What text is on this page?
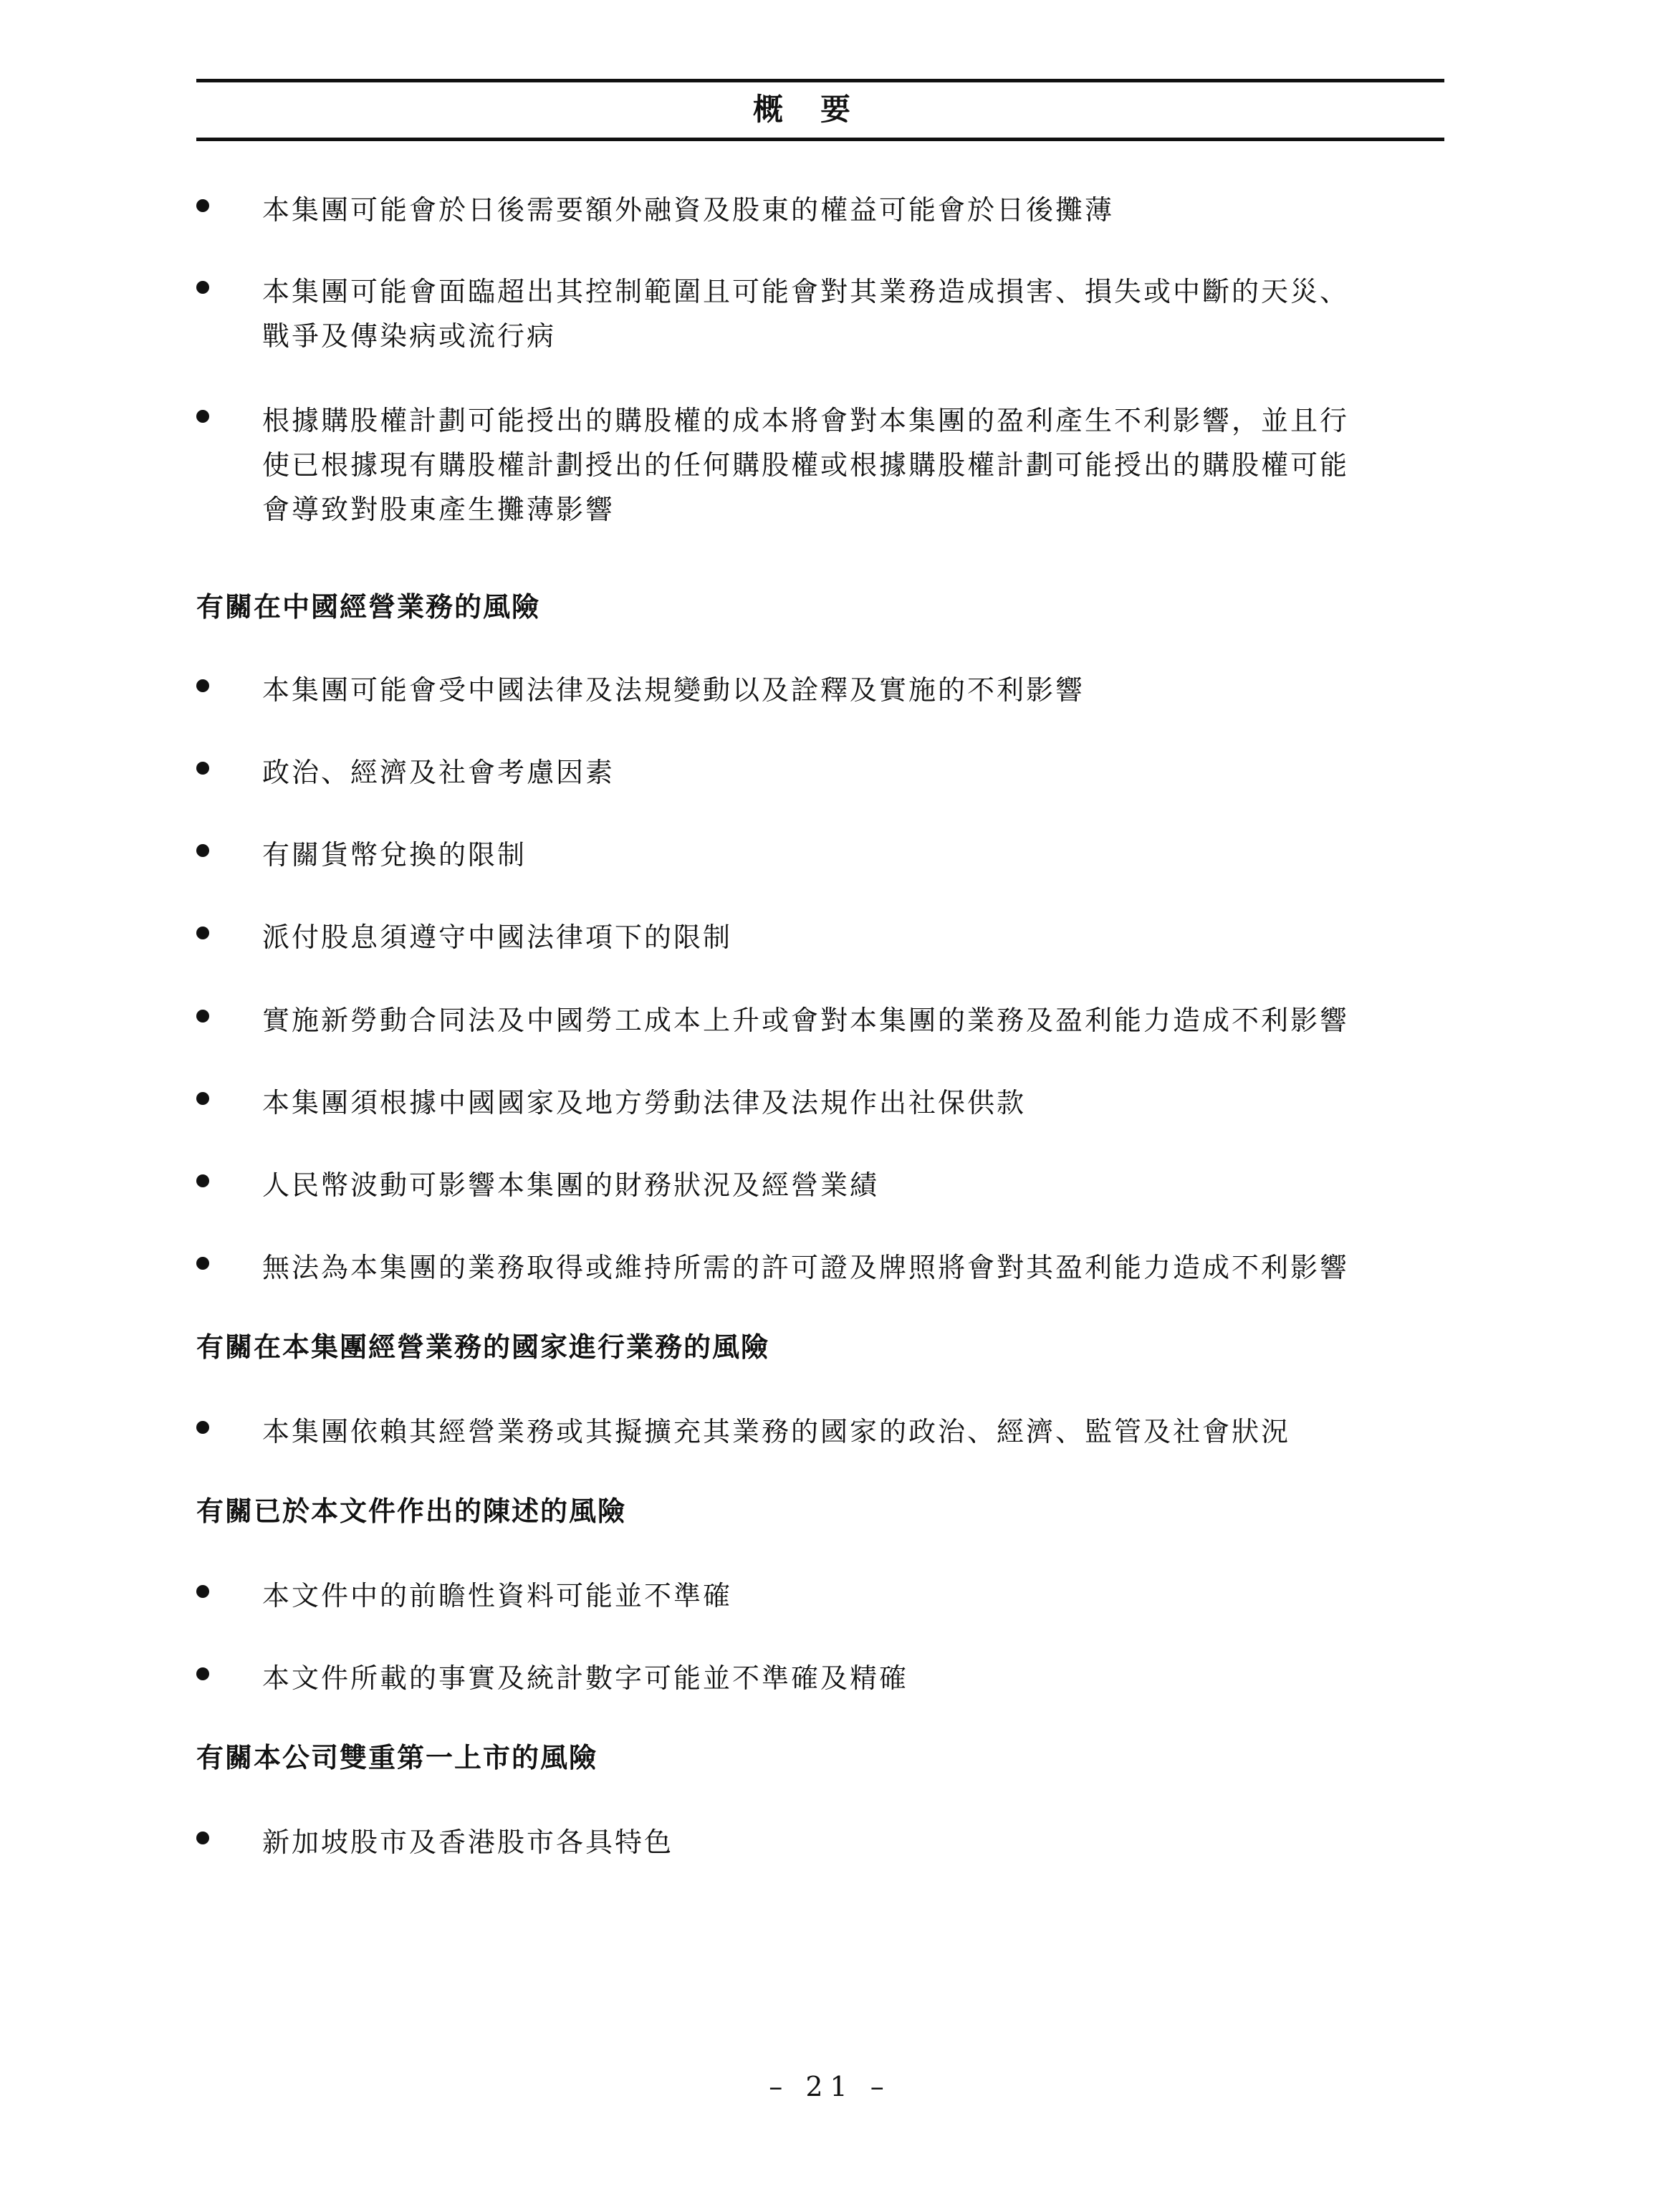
概要
本集團可能會於日後需要額外融資及股東的權益可能會於日後攤薄
本集團可能會面臨超出其控制範圍且可能會對其業務造成損害、損失或中斷的天災、
戰爭及傳染病或流行病
根據購股權計劃可能授出的購股權的成本將會對本集團的盈利產生不利影響，並且行
使已根據現有購股權計劃授出的任何購股權或根據購股權計劃可能授出的購股權可能
會導致對股東產生攤薄影響
有關在中國經營業務的風險
本集團可能會受中國法律及法規變動以及詮釋及實施的不利影響
政治、經濟及社會考慮因素
有關貨幣兌換的限制
派付股息須遵守中國法律項下的限制
實施新勞動合同法及中國勞工成本上升或會對本集團的業務及盈利能力造成不利影響
本集團須根據中國國家及地方勞動法律及法規作出社保供款
人民幣波動可影響本集團的財務狀況及經營業績
無法為本集團的業務取得或維持所需的許可證及牌照將會對其盈利能力造成不利影響
有關在本集團經營業務的國家進行業務的風險
本集團依賴其經營業務或其擬擴充其業務的國家的政治、經濟、監管及社會狀況
有關已於本文件作出的陳述的風險
本文件中的前瞻性資料可能並不準確
本文件所載的事實及統計數字可能並不準確及精確
有關本公司雙重第一上市的風險
新加坡股市及香港股市各具特色
– 21 –
